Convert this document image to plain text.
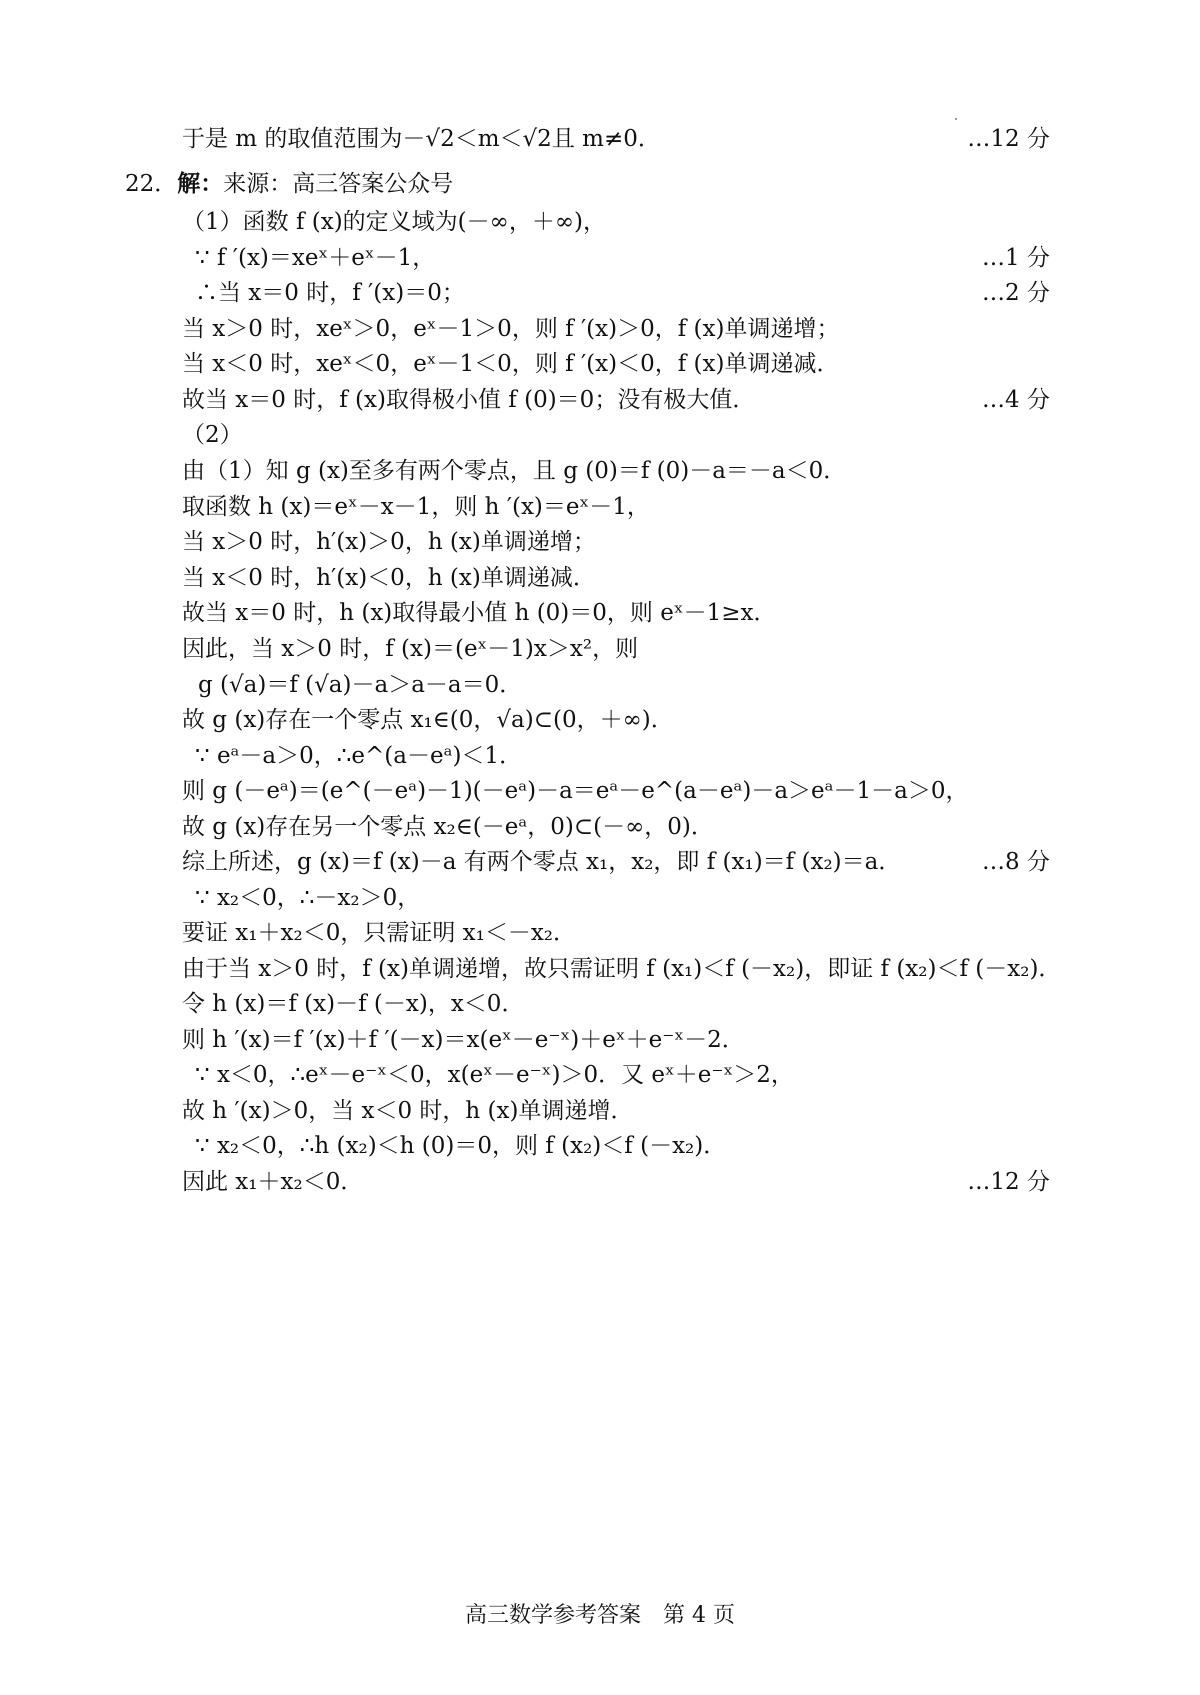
于是 m 的取值范围为－√2＜m＜√2且 m≠0．	…12 分
22．解：来源：高三答案公众号
（1）函数 f (x)的定义域为(－∞，＋∞)，
∵ f ′(x)＝xeˣ＋eˣ－1，	…1 分
∴当 x＝0 时，f ′(x)＝0；	…2 分
当 x＞0 时，xeˣ＞0，eˣ－1＞0，则 f ′(x)＞0，f (x)单调递增；
当 x＜0 时，xeˣ＜0，eˣ－1＜0，则 f ′(x)＜0，f (x)单调递减．
故当 x＝0 时，f (x)取得极小值 f (0)＝0；没有极大值．	…4 分
（2）
由（1）知 g (x)至多有两个零点，且 g (0)＝f (0)－a＝－a＜0．
取函数 h (x)＝eˣ－x－1，则 h ′(x)＝eˣ－1，
当 x＞0 时，h′(x)＞0，h (x)单调递增；
当 x＜0 时，h′(x)＜0，h (x)单调递减．
故当 x＝0 时，h (x)取得最小值 h (0)＝0，则 eˣ－1≥x．
因此，当 x＞0 时，f (x)＝(eˣ－1)x＞x²，则
g (√a)＝f (√a)－a＞a－a＝0．
故 g (x)存在一个零点 x₁∈(0，√a)⊂(0，＋∞)．
∵ eᵃ－a＞0，∴e^(a－eᵃ)＜1．
则 g (－eᵃ)＝(e^(－eᵃ)－1)(－eᵃ)－a＝eᵃ－e^(a－eᵃ)－a＞eᵃ－1－a＞0，
故 g (x)存在另一个零点 x₂∈(－eᵃ，0)⊂(－∞，0)．
综上所述，g (x)＝f (x)－a 有两个零点 x₁，x₂，即 f (x₁)＝f (x₂)＝a．	…8 分
∵ x₂＜0，∴－x₂＞0，
要证 x₁＋x₂＜0，只需证明 x₁＜－x₂．
由于当 x＞0 时，f (x)单调递增，故只需证明 f (x₁)＜f (－x₂)，即证 f (x₂)＜f (－x₂)．
令 h (x)＝f (x)－f (－x)，x＜0．
则 h ′(x)＝f ′(x)＋f ′(－x)＝x(eˣ－e⁻ˣ)＋eˣ＋e⁻ˣ－2．
∵ x＜0，∴eˣ－e⁻ˣ＜0，x(eˣ－e⁻ˣ)＞0．又 eˣ＋e⁻ˣ＞2，
故 h ′(x)＞0，当 x＜0 时，h (x)单调递增．
∵ x₂＜0，∴h (x₂)＜h (0)＝0，则 f (x₂)＜f (－x₂)．
因此 x₁＋x₂＜0．	…12 分
高三数学参考答案　第 4 页
